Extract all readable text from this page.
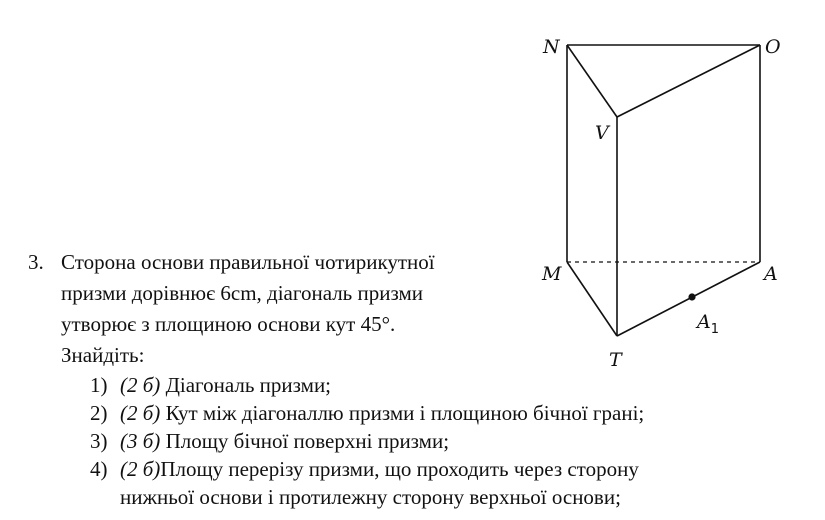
N	O
V
M	A
T
$A_1$
3. Сторона основи правильної чотирикутної
призми дорівнює 6cm, діагональ призми
утворює з площиною основи кут 45°.
Знайдіть:
1) (2 б) Діагональ призми;
2) (2 б) Кут між діагоналлю призми і площиною бічної грані;
3) (3 б) Площу бічної поверхні призми;
4) (2 б)Площу перерізу призми, що проходить через сторону
нижньої основи і протилежну сторону верхньої основи;
